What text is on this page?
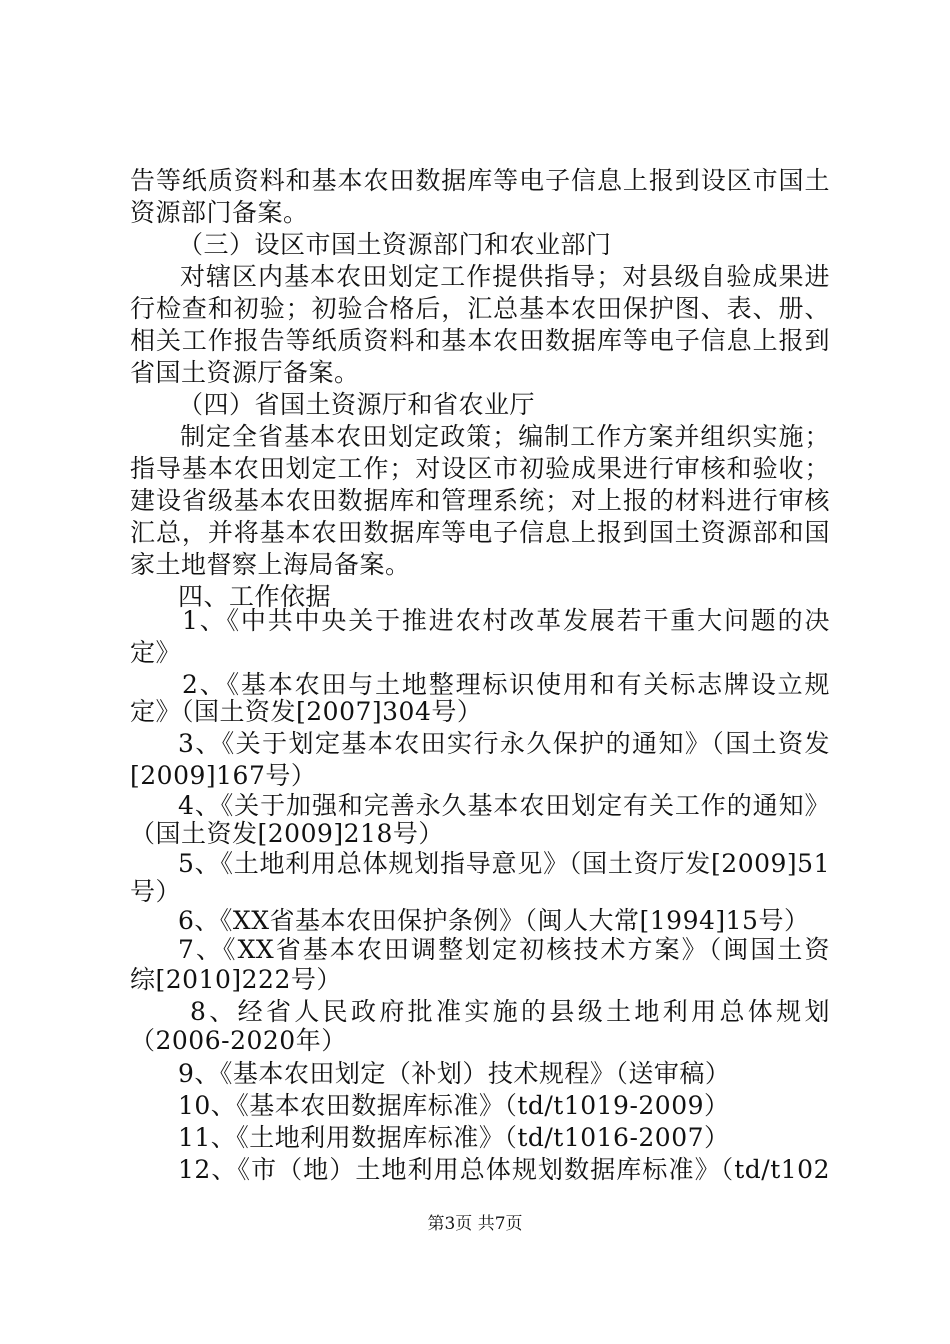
告等纸质资料和基本农田数据库等电子信息上报到设区市国土
资源部门备案。
（三）设区市国土资源部门和农业部门
对辖区内基本农田划定工作提供指导；对县级自验成果进
行检查和初验；初验合格后，汇总基本农田保护图、表、册、
相关工作报告等纸质资料和基本农田数据库等电子信息上报到
省国土资源厅备案。
（四）省国土资源厅和省农业厅
制定全省基本农田划定政策；编制工作方案并组织实施；
指导基本农田划定工作；对设区市初验成果进行审核和验收；
建设省级基本农田数据库和管理系统；对上报的材料进行审核
汇总，并将基本农田数据库等电子信息上报到国土资源部和国
家土地督察上海局备案。
四、工作依据
1、《中共中央关于推进农村改革发展若干重大问题的决
定》
2、《基本农田与土地整理标识使用和有关标志牌设立规
定》（国土资发[2007]304号）
3、《关于划定基本农田实行永久保护的通知》（国土资发
[2009]167号）
4、《关于加强和完善永久基本农田划定有关工作的通知》
（国土资发[2009]218号）
5、《土地利用总体规划指导意见》（国土资厅发[2009]51
号）
6、《XX省基本农田保护条例》（闽人大常[1994]15号）
7、《XX省基本农田调整划定初核技术方案》（闽国土资
综[2010]222号）
8、经省人民政府批准实施的县级土地利用总体规划
（2006-2020年）
9、《基本农田划定（补划）技术规程》（送审稿）
10、《基本农田数据库标准》（td/t1019-2009）
11、《土地利用数据库标准》（td/t1016-2007）
12、《市（地）土地利用总体规划数据库标准》（td/t102
第3页 共7页
